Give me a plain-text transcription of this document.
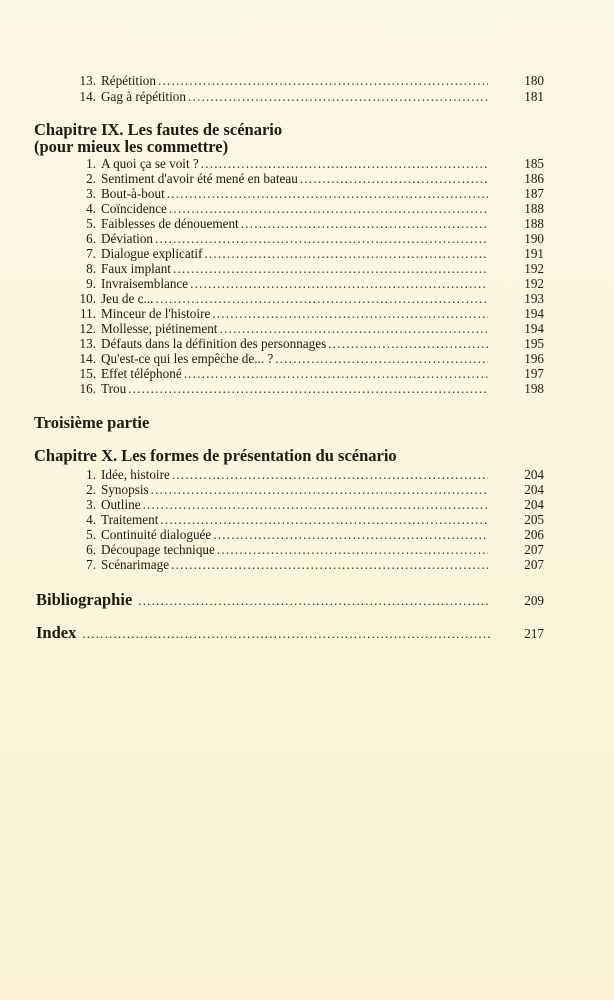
13. Répétition .....	180
14. Gag à répétition .....	181
Chapitre IX. Les fautes de scénario
(pour mieux les commettre)
1. A quoi ça se voit ? .....	185
2. Sentiment d'avoir été mené en bateau .....	186
3. Bout-à-bout .....	187
4. Coïncidence .....	188
5. Faiblesses de dénouement .....	188
6. Déviation .....	190
7. Dialogue explicatif .....	191
8. Faux implant .....	192
9. Invraisemblance .....	192
10. Jeu de c... .....	193
11. Minceur de l'histoire .....	194
12. Mollesse, piétinement .....	194
13. Défauts dans la définition des personnages .....	195
14. Qu'est-ce qui les empêche de... ? .....	196
15. Effet téléphoné .....	197
16. Trou .....	198
Troisième partie
Chapitre X. Les formes de présentation du scénario
1. Idée, histoire .....	204
2. Synopsis .....	204
3. Outline .....	204
4. Traitement .....	205
5. Continuité dialoguée .....	206
6. Découpage technique .....	207
7. Scénarimage .....	207
Bibliographie .....	209
Index .....	217
